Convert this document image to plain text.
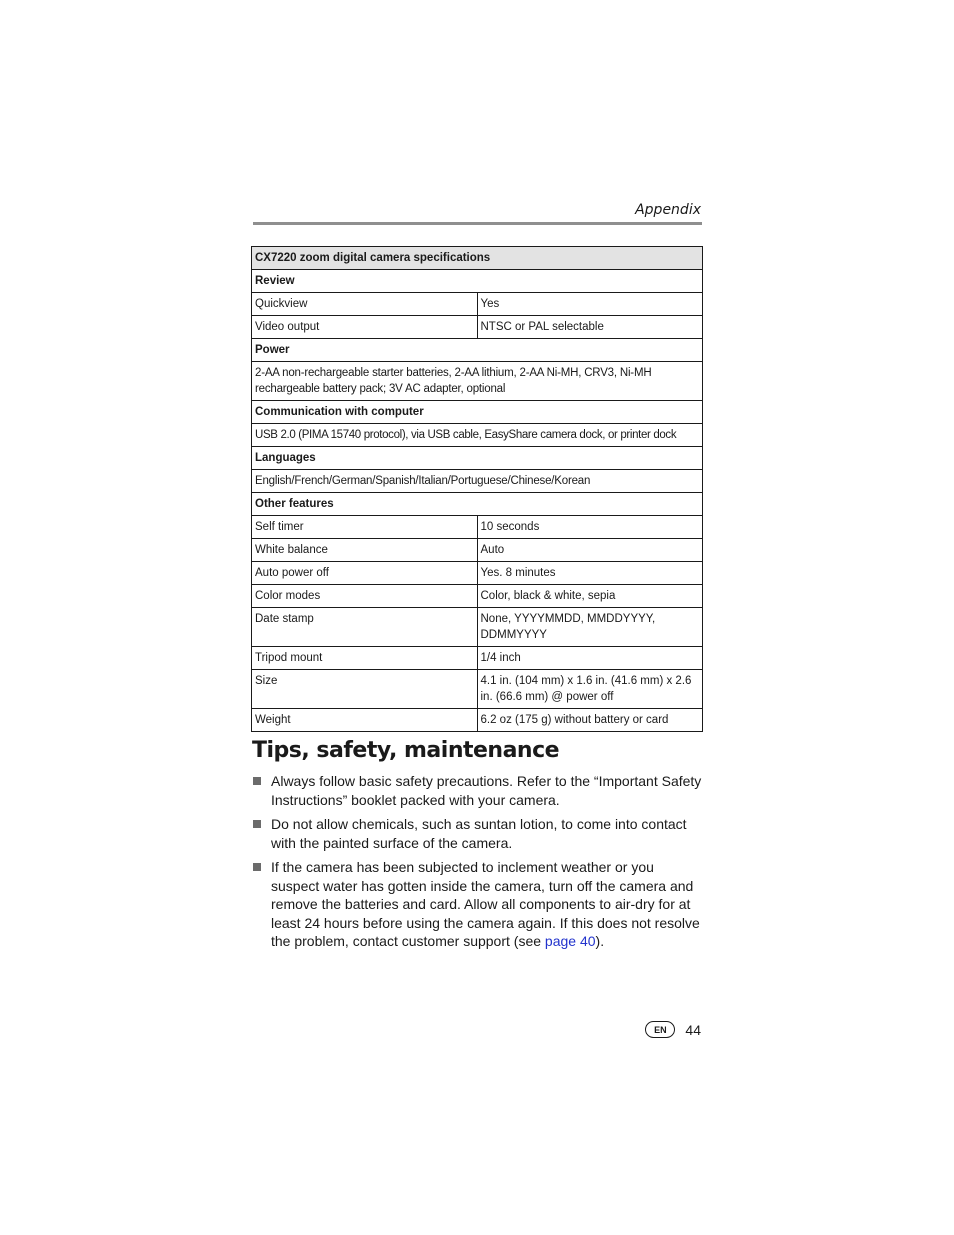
Appendix
CX7220 zoom digital camera specifications	
Review	
Quickview	Yes
Video output	NTSC or PAL selectable
Power	
2-AA non-rechargeable starter batteries, 2-AA lithium, 2-AA Ni-MH, CRV3, Ni-MH rechargeable battery pack; 3V AC adapter, optional	
Communication with computer	
USB 2.0 (PIMA 15740 protocol), via USB cable, EasyShare camera dock, or printer dock	
Languages	
English/French/German/Spanish/Italian/Portuguese/Chinese/Korean	
Other features	
Self timer	10 seconds
White balance	Auto
Auto power off	Yes. 8 minutes
Color modes	Color, black & white, sepia
Date stamp	None, YYYYMMDD, MMDDYYYY, DDMMYYYY
Tripod mount	1/4 inch
Size	4.1 in. (104 mm) x 1.6 in. (41.6 mm) x 2.6 in. (66.6 mm) @ power off
Weight	6.2 oz (175 g) without battery or card
Tips, safety, maintenance
Always follow basic safety precautions. Refer to the “Important Safety Instructions” booklet packed with your camera.
Do not allow chemicals, such as suntan lotion, to come into contact with the painted surface of the camera.
If the camera has been subjected to inclement weather or you suspect water has gotten inside the camera, turn off the camera and remove the batteries and card. Allow all components to air-dry for at least 24 hours before using the camera again. If this does not resolve the problem, contact customer support (see page 40).
EN	44
